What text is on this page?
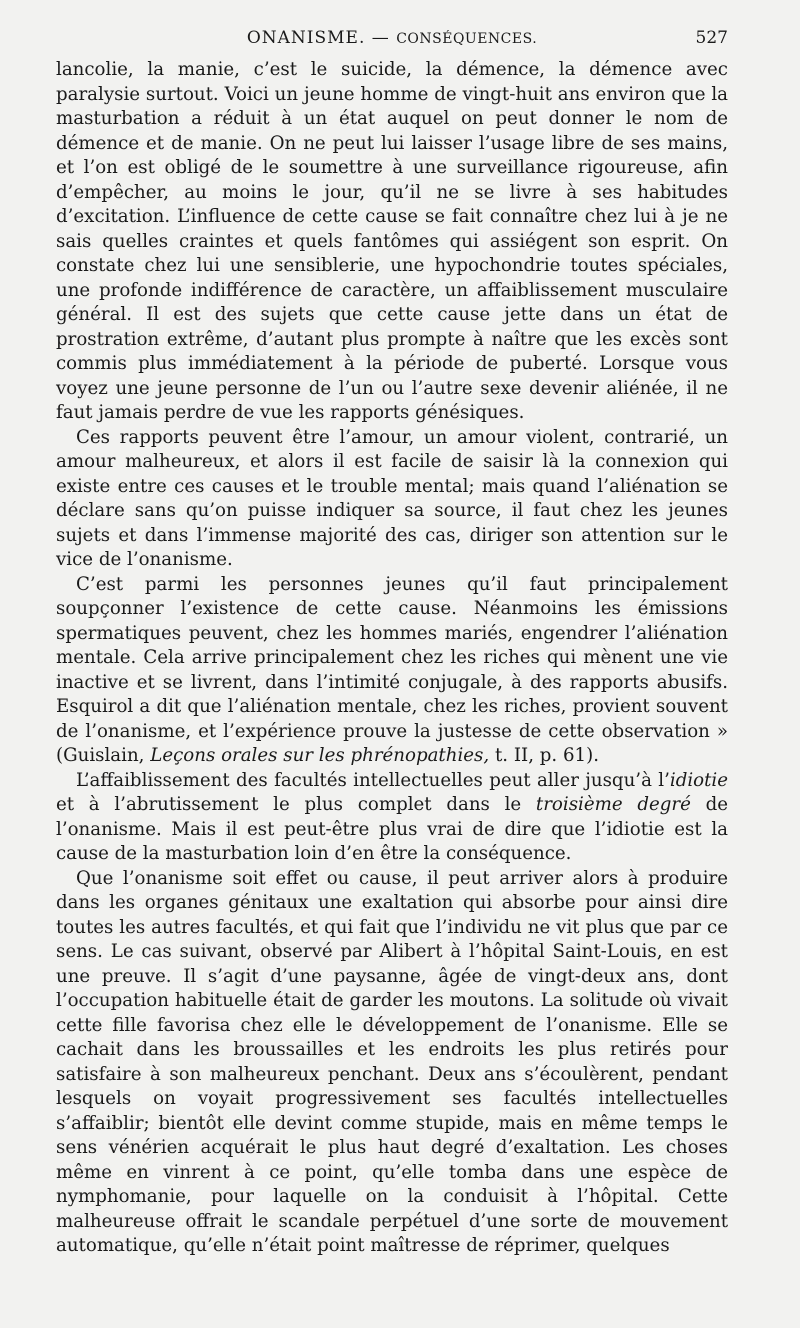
ONANISME. — CONSÉQUENCES.	527

lancolie, la manie, c’est le suicide, la démence, la démence avec paralysie surtout. Voici un jeune homme de vingt-huit ans environ que la masturbation a réduit à un état auquel on peut donner le nom de démence et de manie. On ne peut lui laisser l’usage libre de ses mains, et l’on est obligé de le soumettre à une surveillance rigoureuse, afin d’empêcher, au moins le jour, qu’il ne se livre à ses habitudes d’excitation. L’influence de cette cause se fait connaître chez lui à je ne sais quelles craintes et quels fantômes qui assiégent son esprit. On constate chez lui une sensiblerie, une hypochondrie toutes spéciales, une profonde indifférence de caractère, un affaiblissement musculaire général. Il est des sujets que cette cause jette dans un état de prostration extrême, d’autant plus prompte à naître que les excès sont commis plus immédiatement à la période de puberté. Lorsque vous voyez une jeune personne de l’un ou l’autre sexe devenir aliénée, il ne faut jamais perdre de vue les rapports génésiques.

Ces rapports peuvent être l’amour, un amour violent, contrarié, un amour malheureux, et alors il est facile de saisir là la connexion qui existe entre ces causes et le trouble mental; mais quand l’aliénation se déclare sans qu’on puisse indiquer sa source, il faut chez les jeunes sujets et dans l’immense majorité des cas, diriger son attention sur le vice de l’onanisme.

C’est parmi les personnes jeunes qu’il faut principalement soupçonner l’existence de cette cause. Néanmoins les émissions spermatiques peuvent, chez les hommes mariés, engendrer l’aliénation mentale. Cela arrive principalement chez les riches qui mènent une vie inactive et se livrent, dans l’intimité conjugale, à des rapports abusifs. Esquirol a dit que l’aliénation mentale, chez les riches, provient souvent de l’onanisme, et l’expérience prouve la justesse de cette observation » (Guislain, Leçons orales sur les phrénopathies, t. II, p. 61).

L’affaiblissement des facultés intellectuelles peut aller jusqu’à l’idiotie et à l’abrutissement le plus complet dans le troisième degré de l’onanisme. Mais il est peut-être plus vrai de dire que l’idiotie est la cause de la masturbation loin d’en être la conséquence.

Que l’onanisme soit effet ou cause, il peut arriver alors à produire dans les organes génitaux une exaltation qui absorbe pour ainsi dire toutes les autres facultés, et qui fait que l’individu ne vit plus que par ce sens. Le cas suivant, observé par Alibert à l’hôpital Saint-Louis, en est une preuve. Il s’agit d’une paysanne, âgée de vingt-deux ans, dont l’occupation habituelle était de garder les moutons. La solitude où vivait cette fille favorisa chez elle le développement de l’onanisme. Elle se cachait dans les broussailles et les endroits les plus retirés pour satisfaire à son malheureux penchant. Deux ans s’écoulèrent, pendant lesquels on voyait progressivement ses facultés intellectuelles s’affaiblir; bientôt elle devint comme stupide, mais en même temps le sens vénérien acquérait le plus haut degré d’exaltation. Les choses même en vinrent à ce point, qu’elle tomba dans une espèce de nymphomanie, pour laquelle on la conduisit à l’hôpital. Cette malheureuse offrait le scandale perpétuel d’une sorte de mouvement automatique, qu’elle n’était point maîtresse de réprimer, quelques
